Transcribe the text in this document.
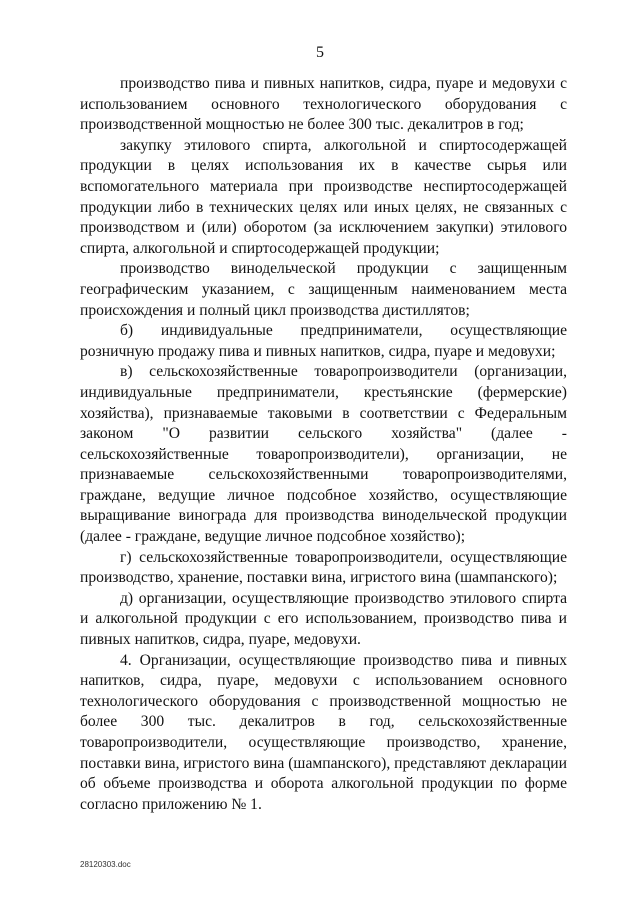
5

производство пива и пивных напитков, сидра, пуаре и медовухи с использованием основного технологического оборудования с производственной мощностью не более 300 тыс. декалитров в год;

закупку этилового спирта, алкогольной и спиртосодержащей продукции в целях использования их в качестве сырья или вспомогательного материала при производстве неспиртосодержащей продукции либо в технических целях или иных целях, не связанных с производством и (или) оборотом (за исключением закупки) этилового спирта, алкогольной и спиртосодержащей продукции;

производство винодельческой продукции с защищенным географическим указанием, с защищенным наименованием места происхождения и полный цикл производства дистиллятов;

б) индивидуальные предприниматели, осуществляющие розничную продажу пива и пивных напитков, сидра, пуаре и медовухи;

в) сельскохозяйственные товаропроизводители (организации, индивидуальные предприниматели, крестьянские (фермерские) хозяйства), признаваемые таковыми в соответствии с Федеральным законом "О развитии сельского хозяйства" (далее - сельскохозяйственные товаропроизводители), организации, не признаваемые сельскохозяйственными товаропроизводителями, граждане, ведущие личное подсобное хозяйство, осуществляющие выращивание винограда для производства винодельческой продукции (далее - граждане, ведущие личное подсобное хозяйство);

г) сельскохозяйственные товаропроизводители, осуществляющие производство, хранение, поставки вина, игристого вина (шампанского);

д) организации, осуществляющие производство этилового спирта и алкогольной продукции с его использованием, производство пива и пивных напитков, сидра, пуаре, медовухи.

4. Организации, осуществляющие производство пива и пивных напитков, сидра, пуаре, медовухи с использованием основного технологического оборудования с производственной мощностью не более 300 тыс. декалитров в год, сельскохозяйственные товаропроизводители, осуществляющие производство, хранение, поставки вина, игристого вина (шампанского), представляют декларации об объеме производства и оборота алкогольной продукции по форме согласно приложению № 1.

28120303.doc
